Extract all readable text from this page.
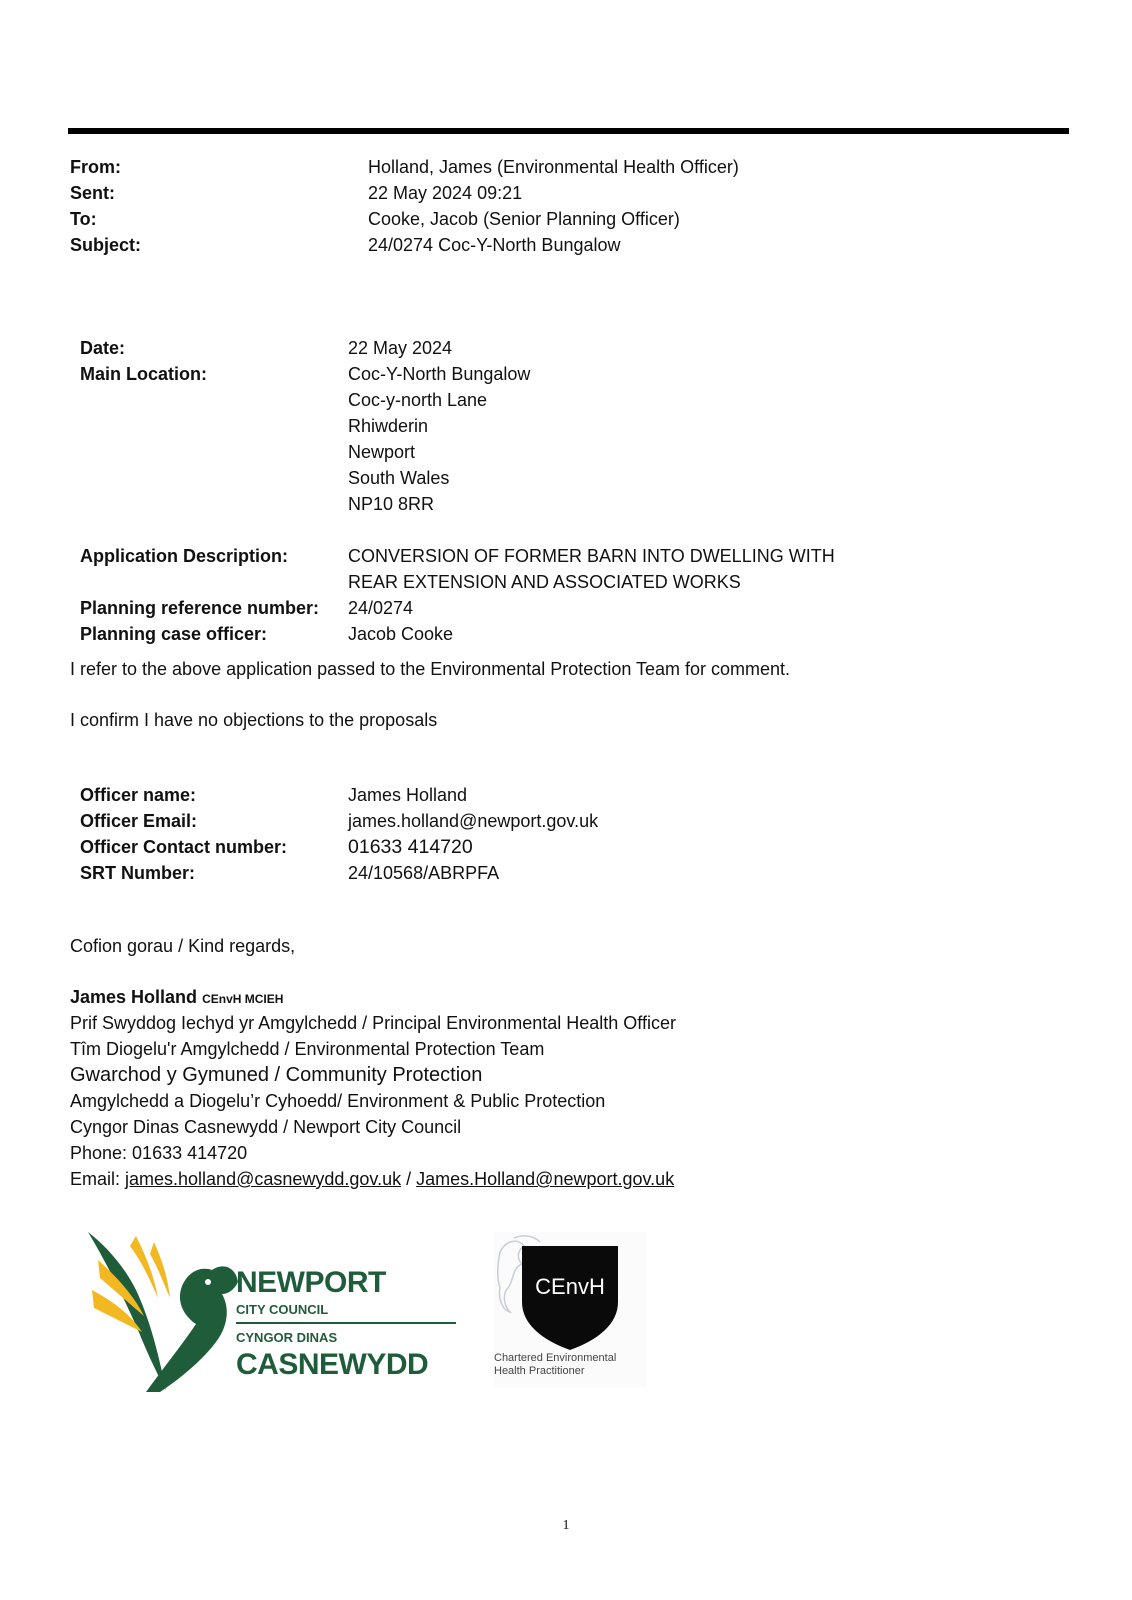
From:	Holland, James (Environmental Health Officer)
Sent:	22 May 2024 09:21
To:	Cooke, Jacob (Senior Planning Officer)
Subject:	24/0274 Coc-Y-North Bungalow
Date:	22 May 2024
Main Location:	Coc-Y-North Bungalow
Coc-y-north Lane
Rhiwderin
Newport
South Wales
NP10 8RR
Application Description:	CONVERSION OF FORMER BARN INTO DWELLING WITH
REAR EXTENSION AND ASSOCIATED WORKS
Planning reference number:	24/0274
Planning case officer:	Jacob Cooke
I refer to the above application passed to the Environmental Protection Team for comment.
I confirm I have no objections to the proposals
Officer name:	James Holland
Officer Email:	james.holland@newport.gov.uk
Officer Contact number:	01633 414720
SRT Number:	24/10568/ABRPFA
Cofion gorau / Kind regards,
James Holland CEnvH MCIEH
Prif Swyddog Iechyd yr Amgylchedd / Principal Environmental Health Officer
Tîm Diogelu'r Amgylchedd / Environmental Protection Team
Gwarchod y Gymuned / Community Protection
Amgylchedd a Diogelu’r Cyhoedd/ Environment & Public Protection
Cyngor Dinas Casnewydd / Newport City Council
Phone: 01633 414720
Email: james.holland@casnewydd.gov.uk / James.Holland@newport.gov.uk
NEWPORT
CITY COUNCIL
CYNGOR DINAS
CASNEWYDD
CEnvH
Chartered Environmental
Health Practitioner
1
